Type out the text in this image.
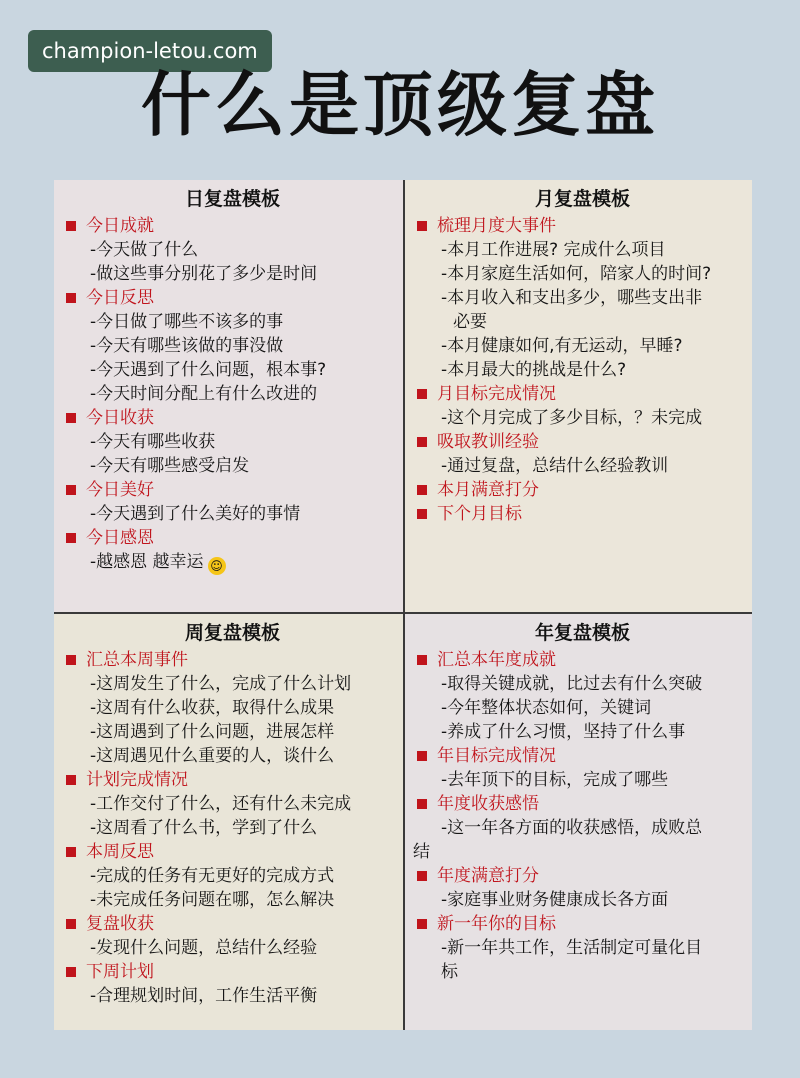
champion-letou.com
什么是顶级复盘
日复盘模板
今日成就
-今天做了什么
-做这些事分别花了多少是时间
今日反思
-今日做了哪些不该多的事
-今天有哪些该做的事没做
-今天遇到了什么问题，根本事?
-今天时间分配上有什么改进的
今日收获
-今天有哪些收获
-今天有哪些感受启发
今日美好
-今天遇到了什么美好的事情
今日感恩
-越感恩 越幸运 ☺
月复盘模板
梳理月度大事件
-本月工作进展? 完成什么项目
-本月家庭生活如何，陪家人的时间?
-本月收入和支出多少，哪些支出非
必要
-本月健康如何,有无运动，早睡?
-本月最大的挑战是什么?
月目标完成情况
-这个月完成了多少目标，？未完成
吸取教训经验
-通过复盘，总结什么经验教训
本月满意打分
下个月目标
周复盘模板
汇总本周事件
-这周发生了什么，完成了什么计划
-这周有什么收获，取得什么成果
-这周遇到了什么问题，进展怎样
-这周遇见什么重要的人，谈什么
计划完成情况
-工作交付了什么，还有什么未完成
-这周看了什么书，学到了什么
本周反思
-完成的任务有无更好的完成方式
-未完成任务问题在哪，怎么解决
复盘收获
-发现什么问题，总结什么经验
下周计划
-合理规划时间，工作生活平衡
年复盘模板
汇总本年度成就
-取得关键成就，比过去有什么突破
-今年整体状态如何，关键词
-养成了什么习惯，坚持了什么事
年目标完成情况
-去年顶下的目标，完成了哪些
年度收获感悟
-这一年各方面的收获感悟，成败总
结
年度满意打分
-家庭事业财务健康成长各方面
新一年你的目标
-新一年共工作，生活制定可量化目
标
